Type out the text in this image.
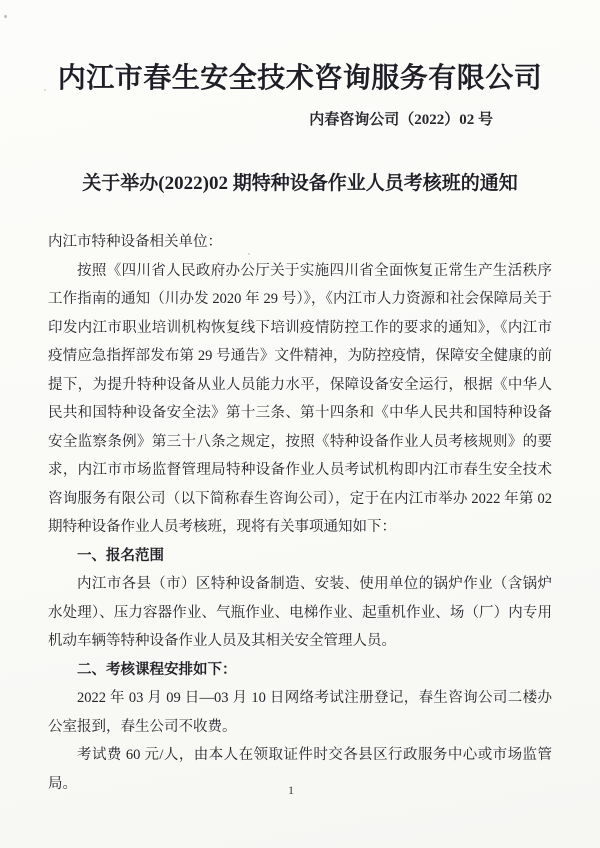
内江市春生安全技术咨询服务有限公司
内春咨询公司（2022）02 号
关于举办(2022)02 期特种设备作业人员考核班的通知

内江市特种设备相关单位：

按照《四川省人民政府办公厅关于实施四川省全面恢复正常生产生活秩序工作指南的通知（川办发 2020 年 29 号）》，《内江市人力资源和社会保障局关于印发内江市职业培训机构恢复线下培训疫情防控工作的要求的通知》，《内江市疫情应急指挥部发布第 29 号通告》文件精神，为防控疫情，保障安全健康的前提下，为提升特种设备从业人员能力水平，保障设备安全运行，根据《中华人民共和国特种设备安全法》第十三条、第十四条和《中华人民共和国特种设备安全监察条例》第三十八条之规定，按照《特种设备作业人员考核规则》的要求，内江市市场监督管理局特种设备作业人员考试机构即内江市春生安全技术咨询服务有限公司（以下简称春生咨询公司），定于在内江市举办 2022 年第 02 期特种设备作业人员考核班，现将有关事项通知如下：

一、报名范围

内江市各县（市）区特种设备制造、安装、使用单位的锅炉作业（含锅炉水处理）、压力容器作业、气瓶作业、电梯作业、起重机作业、场（厂）内专用机动车辆等特种设备作业人员及其相关安全管理人员。

二、考核课程安排如下：

2022 年 03 月 09 日—03 月 10 日网络考试注册登记，春生咨询公司二楼办公室报到，春生公司不收费。

考试费 60 元/人，由本人在领取证件时交各县区行政服务中心或市场监管局。	1
